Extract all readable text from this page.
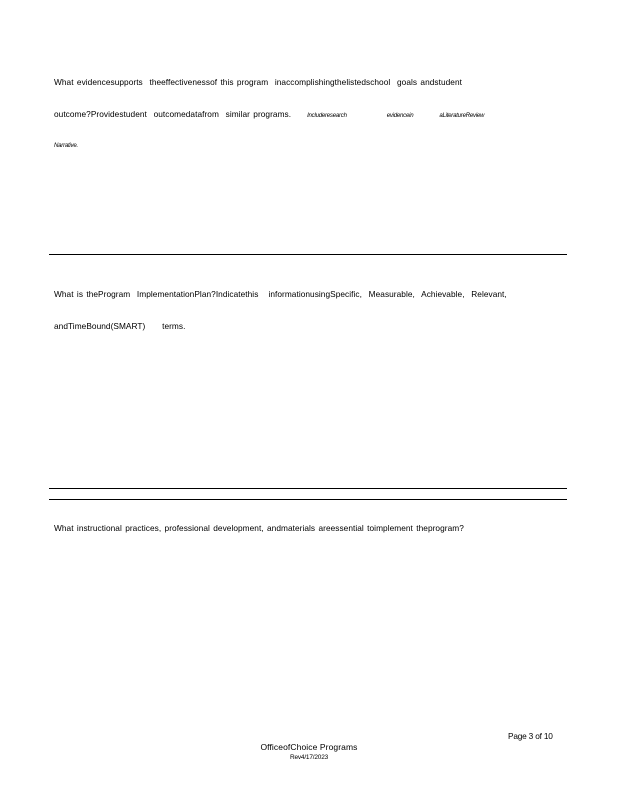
What evidencesupports  theeffectivenessof this program  inaccomplishingthelistedschool  goals andstudent

outcome?Providestudent  outcomedatafrom  similar programs.	Includeresearch	evidencein	aLiteratureReview

Narrative.

What is theProgram  ImplementationPlan?Indicatethis   informationusingSpecific,  Measurable,  Achievable,  Relevant,

andTimeBound(SMART)     terms.

What instructional practices, professional development, andmaterials areessential toimplement theprogram?

Page 3 of 10
OfficeofChoice Programs
Rev4/17/2023
